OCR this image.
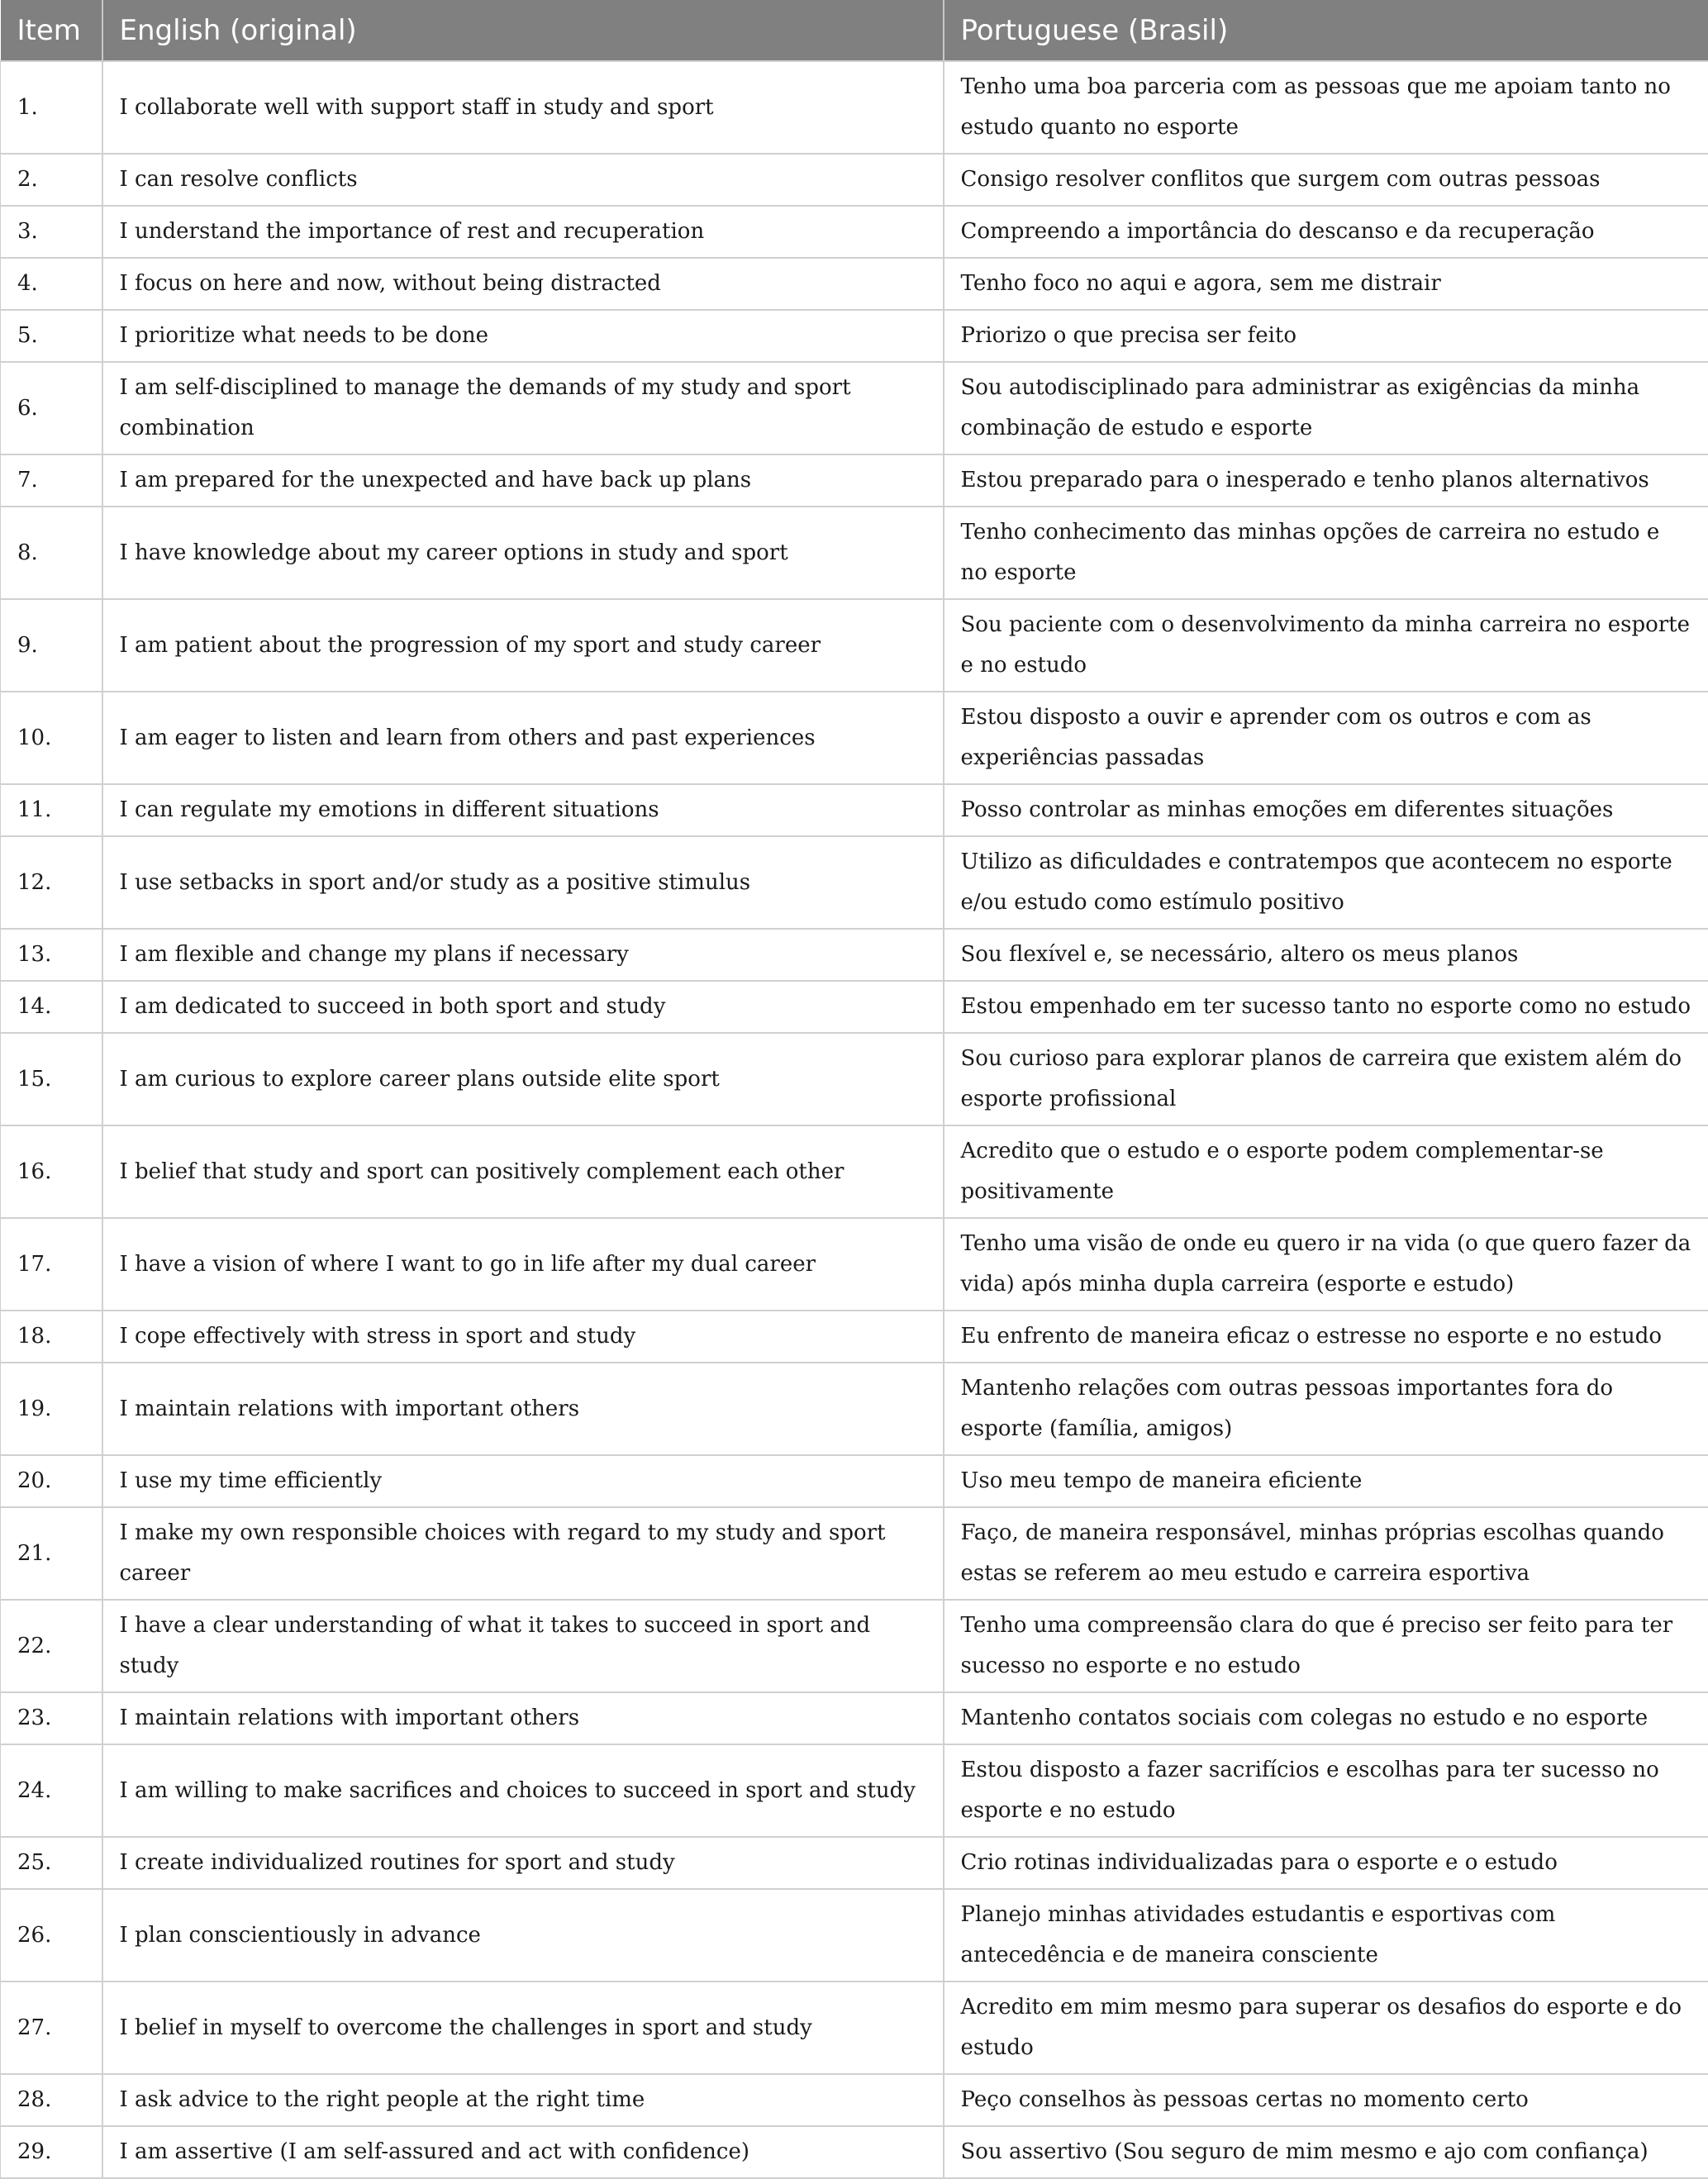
Item	English (original)	Portuguese (Brasil)
1.	I collaborate well with support staff in study and sport	Tenho uma boa parceria com as pessoas que me apoiam tanto no estudo quanto no esporte
2.	I can resolve conflicts	Consigo resolver conflitos que surgem com outras pessoas
3.	I understand the importance of rest and recuperation	Compreendo a importância do descanso e da recuperação
4.	I focus on here and now, without being distracted	Tenho foco no aqui e agora, sem me distrair
5.	I prioritize what needs to be done	Priorizo o que precisa ser feito
6.	I am self-disciplined to manage the demands of my study and sport combination	Sou autodisciplinado para administrar as exigências da minha combinação de estudo e esporte
7.	I am prepared for the unexpected and have back up plans	Estou preparado para o inesperado e tenho planos alternativos
8.	I have knowledge about my career options in study and sport	Tenho conhecimento das minhas opções de carreira no estudo e no esporte
9.	I am patient about the progression of my sport and study career	Sou paciente com o desenvolvimento da minha carreira no esporte e no estudo
10.	I am eager to listen and learn from others and past experiences	Estou disposto a ouvir e aprender com os outros e com as experiências passadas
11.	I can regulate my emotions in different situations	Posso controlar as minhas emoções em diferentes situações
12.	I use setbacks in sport and/or study as a positive stimulus	Utilizo as dificuldades e contratempos que acontecem no esporte e/ou estudo como estímulo positivo
13.	I am flexible and change my plans if necessary	Sou flexível e, se necessário, altero os meus planos
14.	I am dedicated to succeed in both sport and study	Estou empenhado em ter sucesso tanto no esporte como no estudo
15.	I am curious to explore career plans outside elite sport	Sou curioso para explorar planos de carreira que existem além do esporte profissional
16.	I belief that study and sport can positively complement each other	Acredito que o estudo e o esporte podem complementar-se positivamente
17.	I have a vision of where I want to go in life after my dual career	Tenho uma visão de onde eu quero ir na vida (o que quero fazer da vida) após minha dupla carreira (esporte e estudo)
18.	I cope effectively with stress in sport and study	Eu enfrento de maneira eficaz o estresse no esporte e no estudo
19.	I maintain relations with important others	Mantenho relações com outras pessoas importantes fora do esporte (família, amigos)
20.	I use my time efficiently	Uso meu tempo de maneira eficiente
21.	I make my own responsible choices with regard to my study and sport career	Faço, de maneira responsável, minhas próprias escolhas quando estas se referem ao meu estudo e carreira esportiva
22.	I have a clear understanding of what it takes to succeed in sport and study	Tenho uma compreensão clara do que é preciso ser feito para ter sucesso no esporte e no estudo
23.	I maintain relations with important others	Mantenho contatos sociais com colegas no estudo e no esporte
24.	I am willing to make sacrifices and choices to succeed in sport and study	Estou disposto a fazer sacrifícios e escolhas para ter sucesso no esporte e no estudo
25.	I create individualized routines for sport and study	Crio rotinas individualizadas para o esporte e o estudo
26.	I plan conscientiously in advance	Planejo minhas atividades estudantis e esportivas com antecedência e de maneira consciente
27.	I belief in myself to overcome the challenges in sport and study	Acredito em mim mesmo para superar os desafios do esporte e do estudo
28.	I ask advice to the right people at the right time	Peço conselhos às pessoas certas no momento certo
29.	I am assertive (I am self-assured and act with confidence)	Sou assertivo (Sou seguro de mim mesmo e ajo com confiança)
